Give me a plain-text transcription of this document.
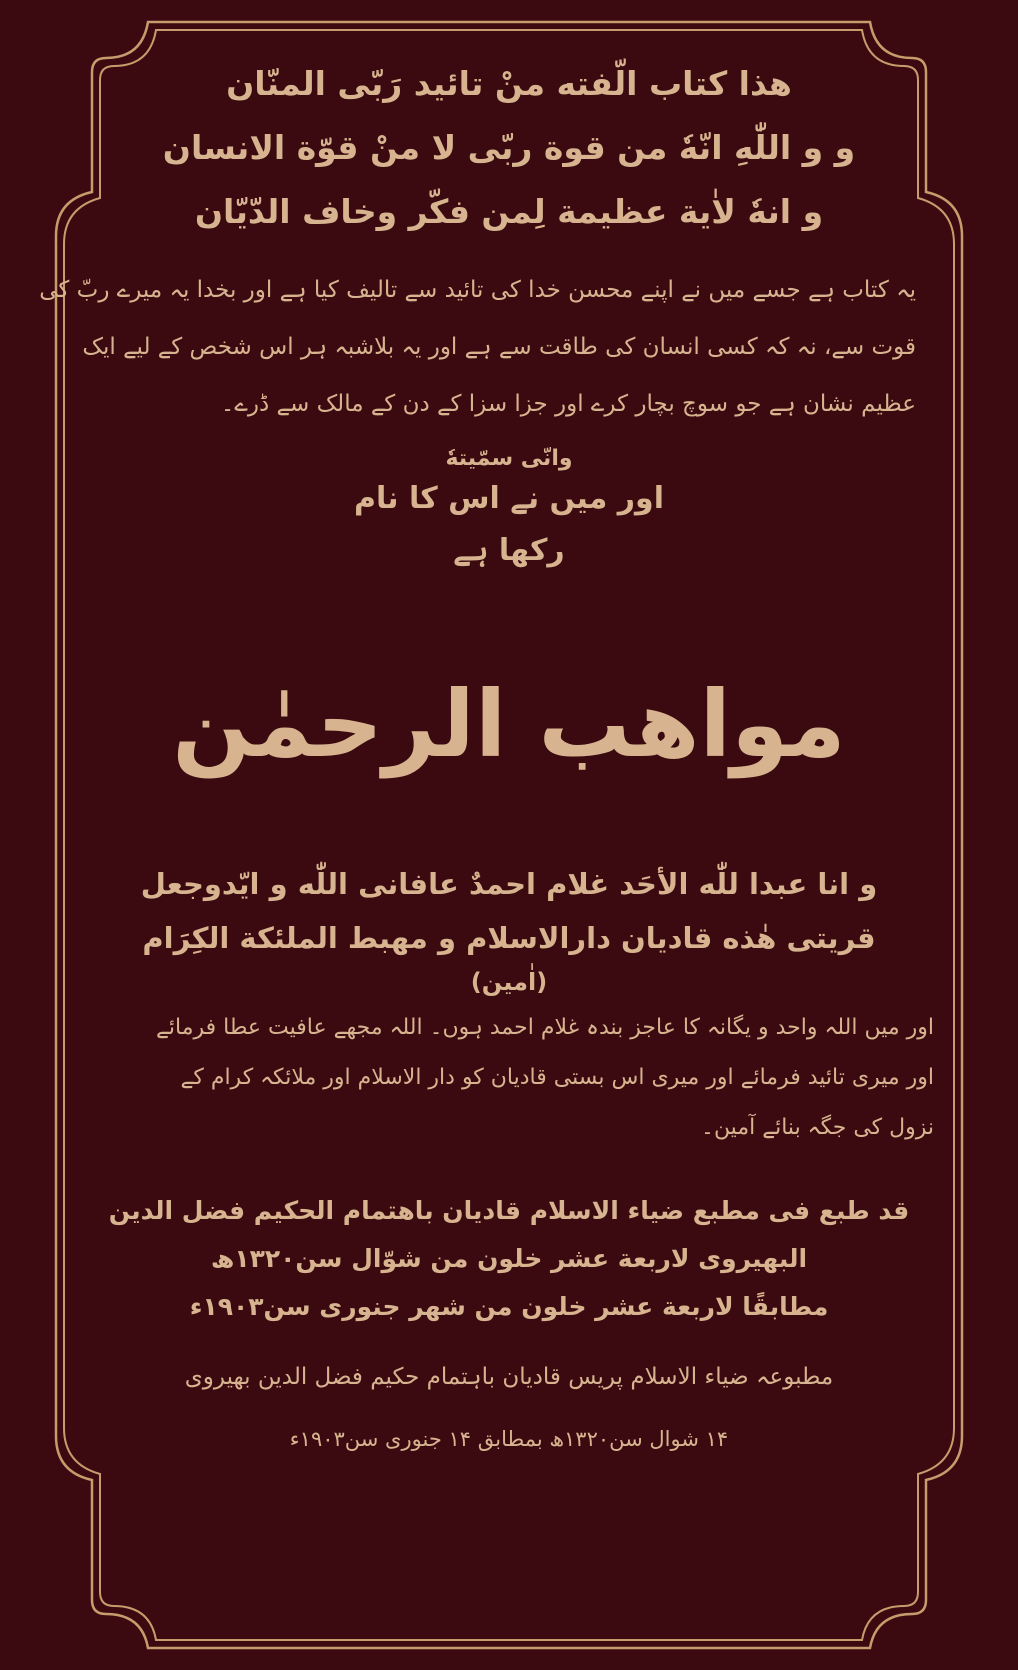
هذا كتاب الّفته منْ تائيد رَبّى المنّان
و و اللّٰهِ انّهٗ من قوة ربّى لا منْ قوّة الانسان
و انهٗ لاٰية عظيمة لِمن فكّر وخاف الدّيّان
یہ کتاب ہے جسے میں نے اپنے محسن خدا کی تائید سے تالیف کیا ہے اور بخدا یہ میرے ربّ کی
قوت سے، نہ کہ کسی انسان کی طاقت سے ہے اور یہ بلاشبہ ہر اس شخص کے لیے ایک
عظیم نشان ہے جو سوچ بچار کرے اور جزا سزا کے دن کے مالک سے ڈرے۔
وانّى سمّيتهٗ
اور میں نے اس کا نام
رکھا ہے
مواهب الرحمٰن
و انا عبدا للّٰه الأحَد غلام احمدٌ عافانى اللّٰه و ايّدوجعل
قريتى هٰذه قاديان دارالاسلام و مهبط الملئكة الكِرَام
(اٰمين)
اور میں اللہ واحد و یگانہ کا عاجز بندہ غلام احمد ہوں۔ اللہ مجھے عافیت عطا فرمائے
اور میری تائید فرمائے اور میری اس بستی قادیان کو دار الاسلام اور ملائکہ کرام کے
نزول کی جگہ بنائے آمین۔
قد طبع فى مطبع ضياء الاسلام قاديان باهتمام الحكيم فضل الدين
البهيروى لاربعة عشر خلون من شوّال سن۱۳۲۰ھ
مطابقًا لاربعة عشر خلون من شهر جنورى سن۱۹۰۳ء
مطبوعہ ضیاء الاسلام پریس قادیان باہتمام حکیم فضل الدین بھیروی
۱۴ شوال سن۱۳۲۰ھ بمطابق ۱۴ جنوری سن۱۹۰۳ء
